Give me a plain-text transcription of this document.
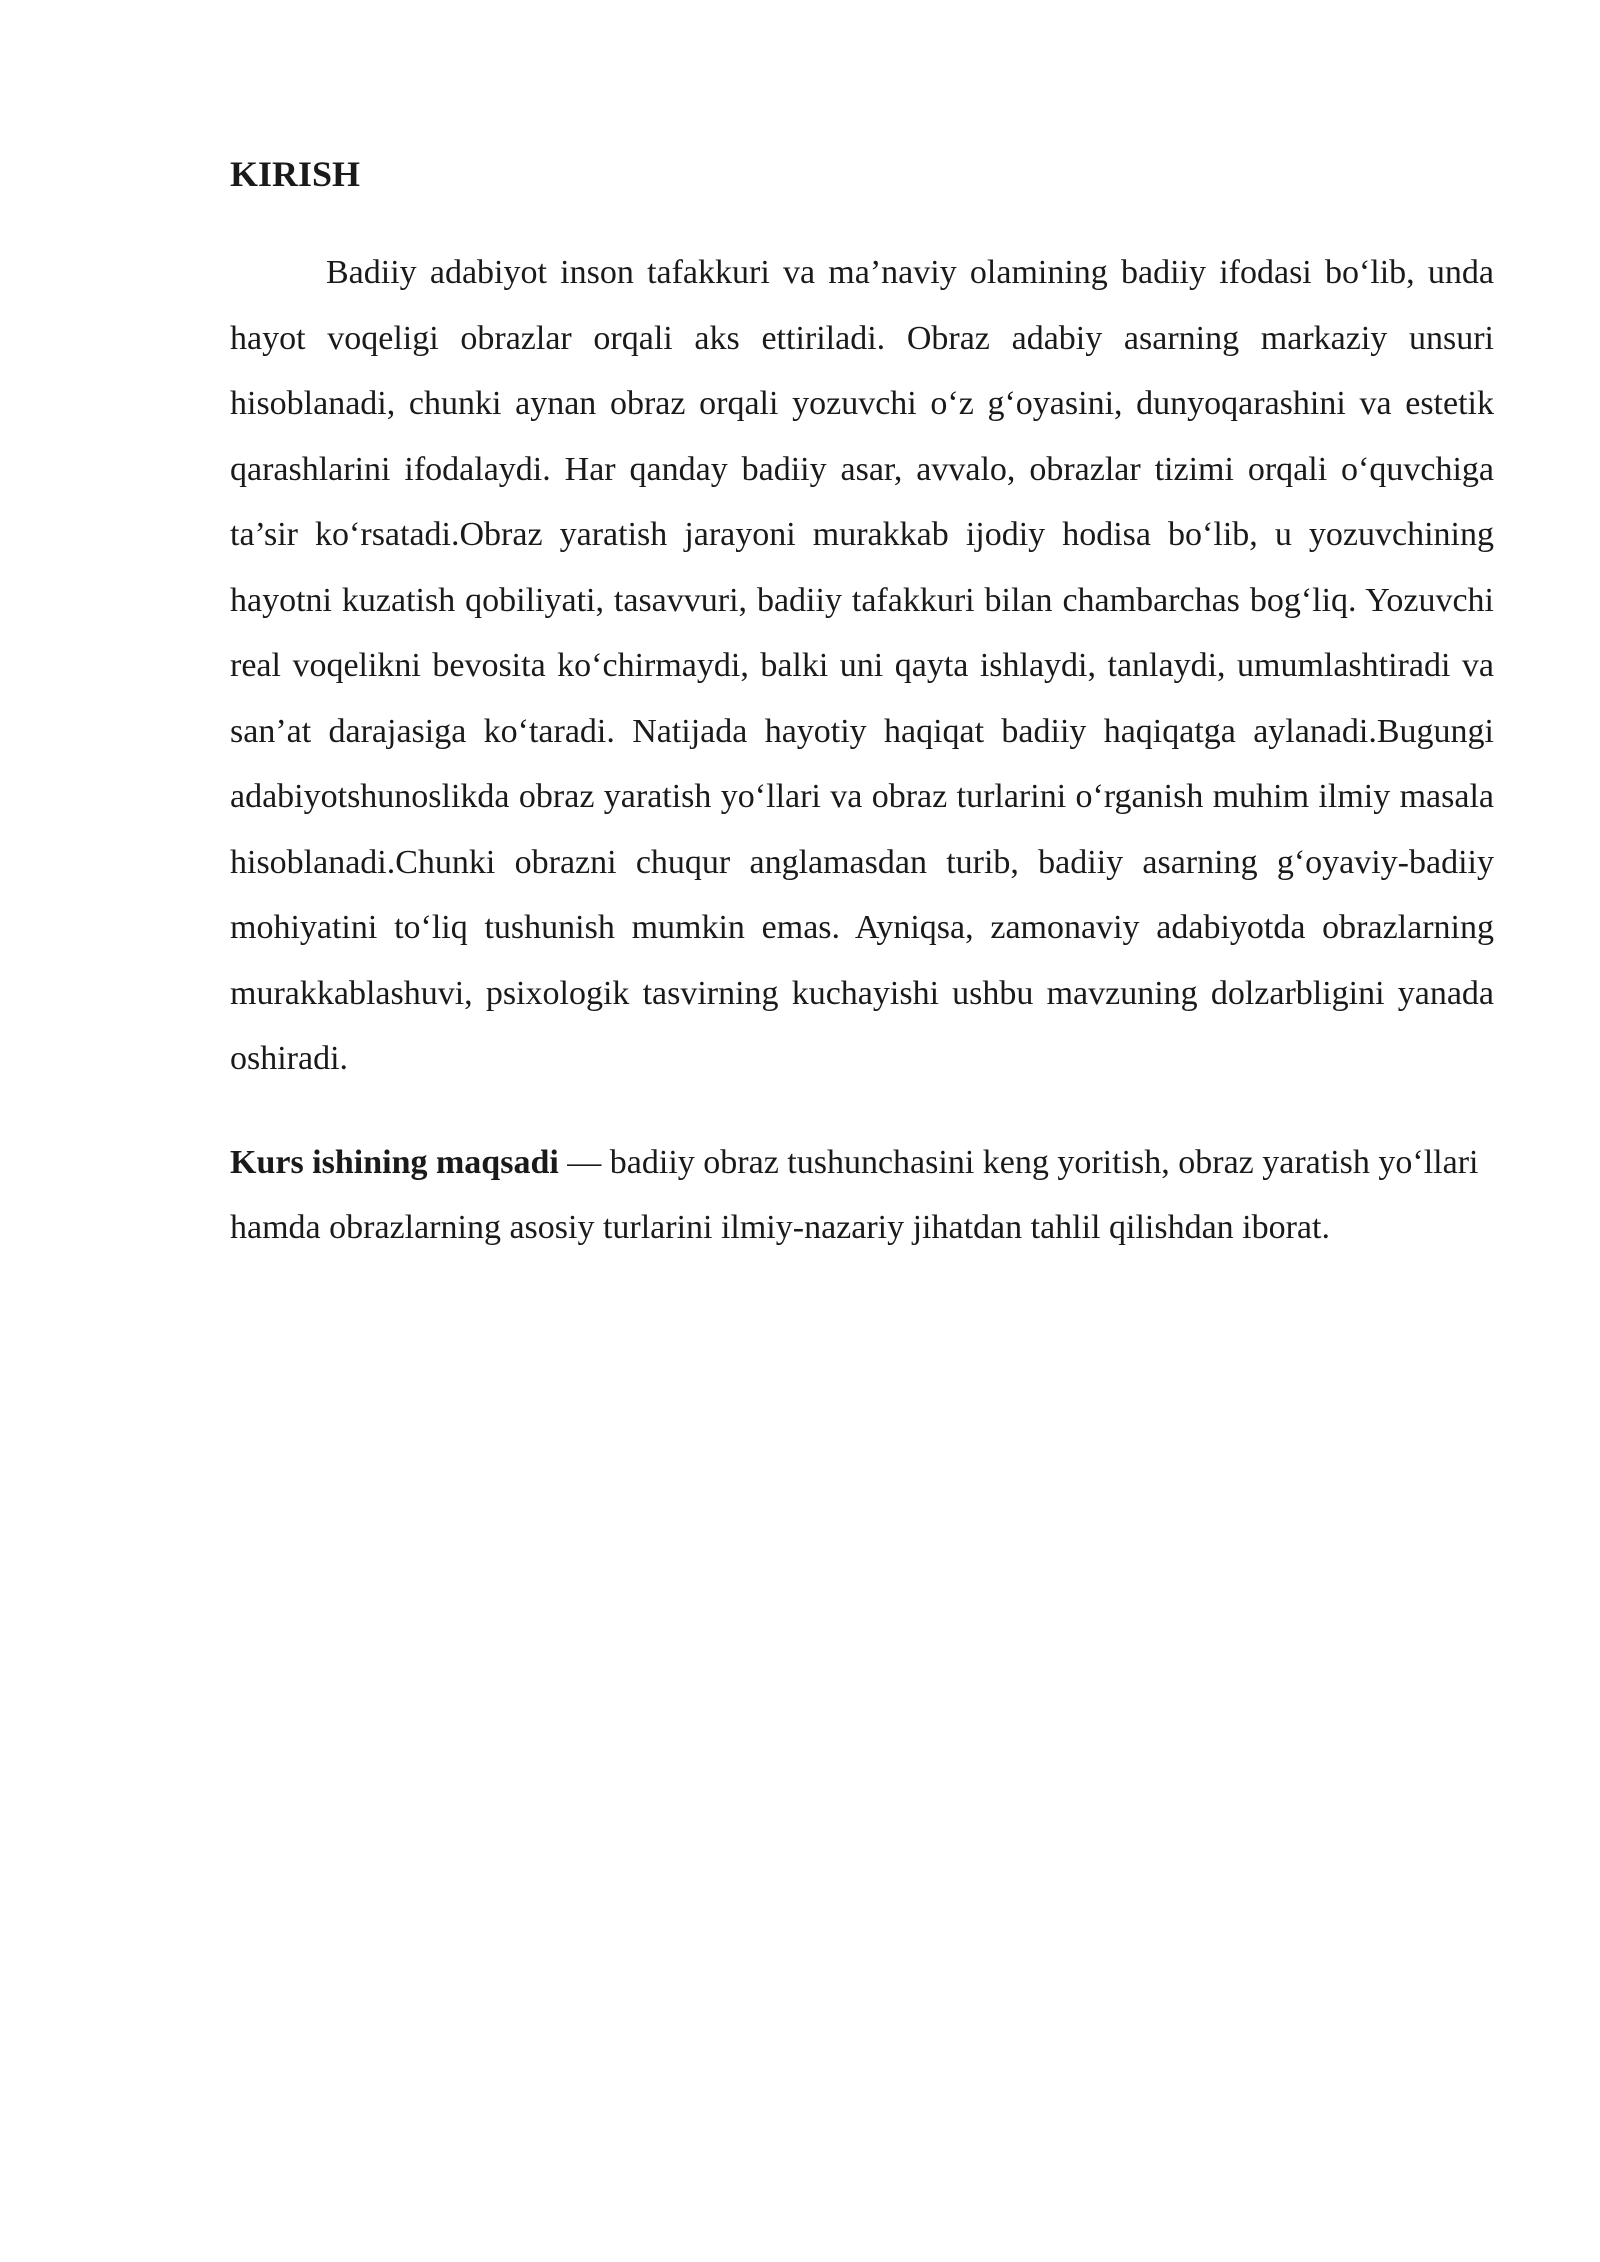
KIRISH

Badiiy adabiyot inson tafakkuri va ma’naviy olamining badiiy ifodasi bo‘lib, unda hayot voqeligi obrazlar orqali aks ettiriladi. Obraz adabiy asarning markaziy unsuri hisoblanadi, chunki aynan obraz orqali yozuvchi o‘z g‘oyasini, dunyoqarashini va estetik qarashlarini ifodalaydi. Har qanday badiiy asar, avvalo, obrazlar tizimi orqali o‘quvchiga ta’sir ko‘rsatadi.Obraz yaratish jarayoni murakkab ijodiy hodisa bo‘lib, u yozuvchining hayotni kuzatish qobiliyati, tasavvuri, badiiy tafakkuri bilan chambarchas bog‘liq. Yozuvchi real voqelikni bevosita ko‘chirmaydi, balki uni qayta ishlaydi, tanlaydi, umumlashtiradi va san’at darajasiga ko‘taradi. Natijada hayotiy haqiqat badiiy haqiqatga aylanadi.Bugungi adabiyotshunoslikda obraz yaratish yo‘llari va obraz turlarini o‘rganish muhim ilmiy masala hisoblanadi.Chunki obrazni chuqur anglamasdan turib, badiiy asarning g‘oyaviy-badiiy mohiyatini to‘liq tushunish mumkin emas. Ayniqsa, zamonaviy adabiyotda obrazlarning murakkablashuvi, psixologik tasvirning kuchayishi ushbu mavzuning dolzarbligini yanada oshiradi.

Kurs ishining maqsadi — badiiy obraz tushunchasini keng yoritish, obraz yaratish yo‘llari hamda obrazlarning asosiy turlarini ilmiy-nazariy jihatdan tahlil qilishdan iborat.
